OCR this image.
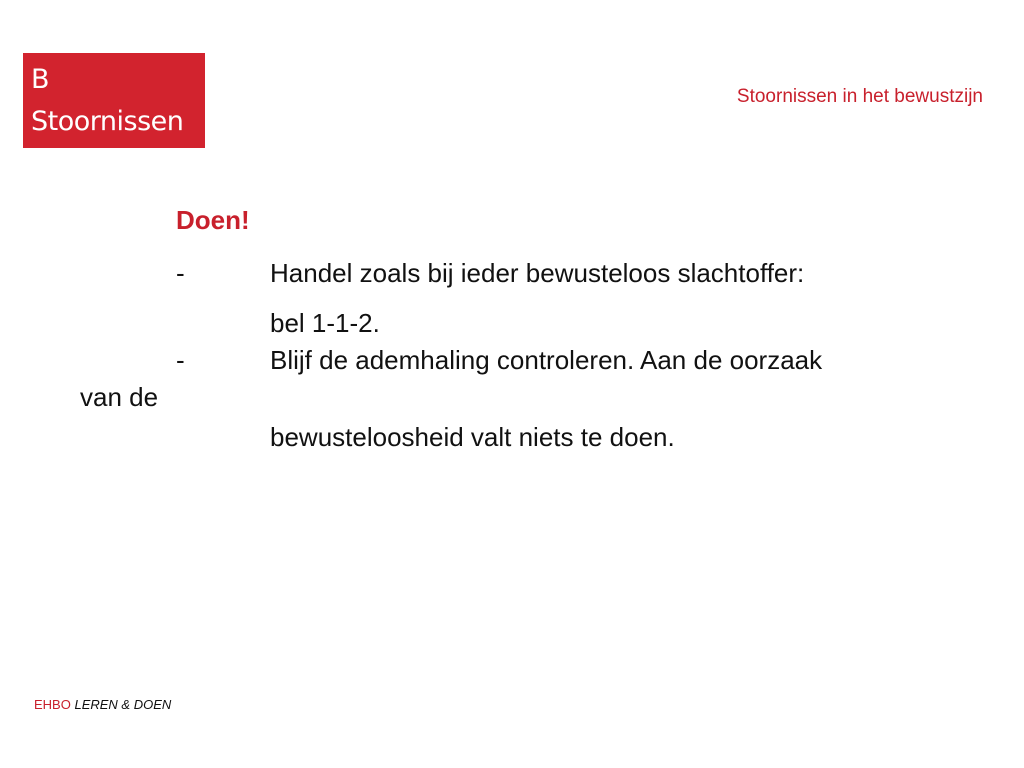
B
Stoornissen
Stoornissen in het bewustzijn
Doen!
-	Handel zoals bij ieder bewusteloos slachtoffer:
bel 1-1-2.
-	Blijf de ademhaling controleren. Aan de oorzaak
van de
bewusteloosheid valt niets te doen.
EHBO LEREN & DOEN
